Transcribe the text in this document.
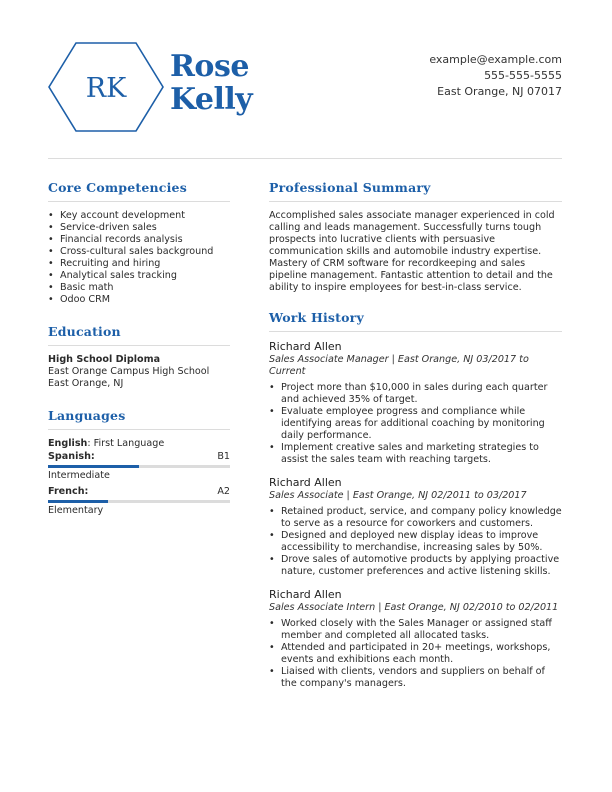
RK
Rose
Kelly
example@example.com
555-555-5555
East Orange, NJ 07017
Core Competencies
• Key account development
• Service-driven sales
• Financial records analysis
• Cross-cultural sales background
• Recruiting and hiring
• Analytical sales tracking
• Basic math
• Odoo CRM
Education
High School Diploma
East Orange Campus High School
East Orange, NJ
Languages
English: First Language
Spanish:	B1
Intermediate
French:	A2
Elementary
Professional Summary
Accomplished sales associate manager experienced in cold calling and leads management. Successfully turns tough prospects into lucrative clients with persuasive communication skills and automobile industry expertise. Mastery of CRM software for recordkeeping and sales pipeline management. Fantastic attention to detail and the ability to inspire employees for best-in-class service.
Work History
Richard Allen
Sales Associate Manager | East Orange, NJ 03/2017 to Current
• Project more than $10,000 in sales during each quarter and achieved 35% of target.
• Evaluate employee progress and compliance while identifying areas for additional coaching by monitoring daily performance.
• Implement creative sales and marketing strategies to assist the sales team with reaching targets.
Richard Allen
Sales Associate | East Orange, NJ 02/2011 to 03/2017
• Retained product, service, and company policy knowledge to serve as a resource for coworkers and customers.
• Designed and deployed new display ideas to improve accessibility to merchandise, increasing sales by 50%.
• Drove sales of automotive products by applying proactive nature, customer preferences and active listening skills.
Richard Allen
Sales Associate Intern | East Orange, NJ 02/2010 to 02/2011
• Worked closely with the Sales Manager or assigned staff member and completed all allocated tasks.
• Attended and participated in 20+ meetings, workshops, events and exhibitions each month.
• Liaised with clients, vendors and suppliers on behalf of the company's managers.
